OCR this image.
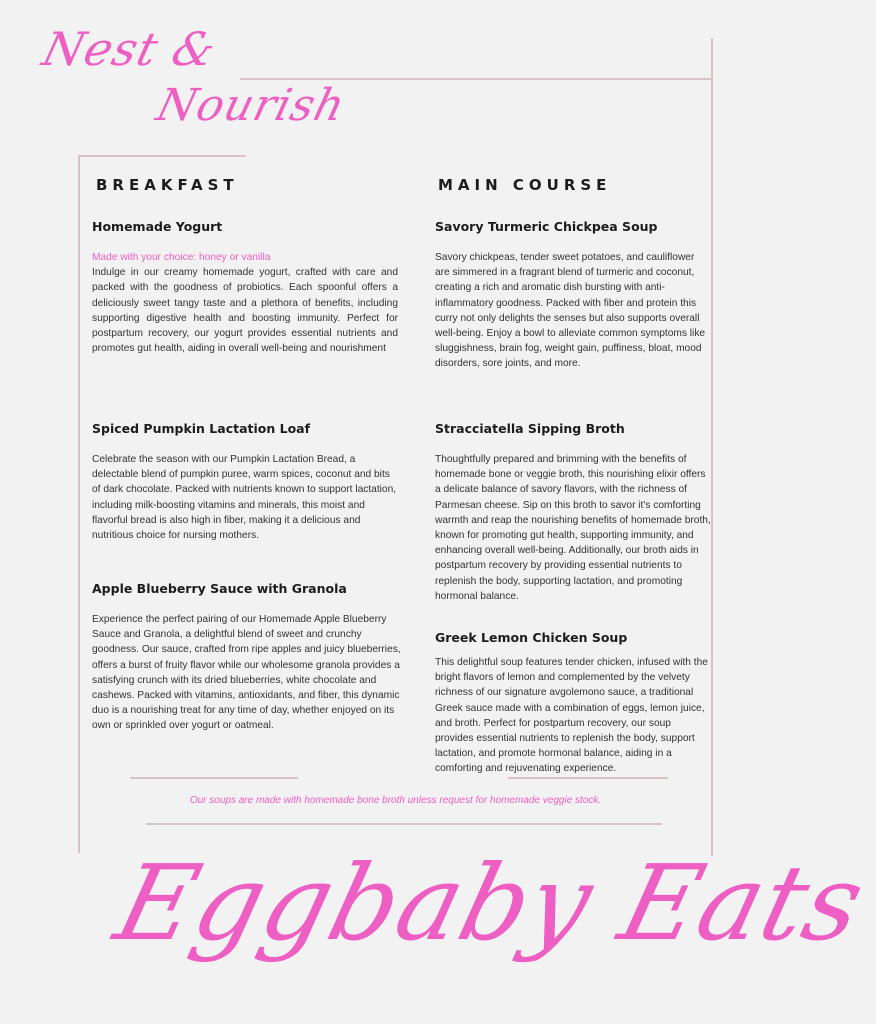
Nest &
Nourish
BREAKFAST
Homemade Yogurt

Made with your choice: honey or vanilla

Indulge in our creamy homemade yogurt, crafted with care and packed with the goodness of probiotics. Each spoonful offers a deliciously sweet tangy taste and a plethora of benefits, including supporting digestive health and boosting immunity. Perfect for postpartum recovery, our yogurt provides essential nutrients and promotes gut health, aiding in overall well-being and nourishment

Spiced Pumpkin Lactation Loaf

Celebrate the season with our Pumpkin Lactation Bread, a delectable blend of pumpkin puree, warm spices, coconut and bits of dark chocolate. Packed with nutrients known to support lactation, including milk-boosting vitamins and minerals, this moist and flavorful bread is also high in fiber, making it a delicious and nutritious choice for nursing mothers.

Apple Blueberry Sauce with Granola

Experience the perfect pairing of our Homemade Apple Blueberry Sauce and Granola, a delightful blend of sweet and crunchy goodness. Our sauce, crafted from ripe apples and juicy blueberries, offers a burst of fruity flavor while our wholesome granola provides a satisfying crunch with its dried blueberries, white chocolate and cashews. Packed with vitamins, antioxidants, and fiber, this dynamic duo is a nourishing treat for any time of day, whether enjoyed on its own or sprinkled over yogurt or oatmeal.

MAIN COURSE
Savory Turmeric Chickpea Soup

Savory chickpeas, tender sweet potatoes, and cauliflower are simmered in a fragrant blend of turmeric and coconut, creating a rich and aromatic dish bursting with anti-inflammatory goodness. Packed with fiber and protein this curry not only delights the senses but also supports overall well-being. Enjoy a bowl to alleviate common symptoms like sluggishness, brain fog, weight gain, puffiness, bloat, mood disorders, sore joints, and more.

Stracciatella Sipping Broth

Thoughtfully prepared and brimming with the benefits of homemade bone or veggie broth, this nourishing elixir offers a delicate balance of savory flavors, with the richness of Parmesan cheese. Sip on this broth to savor it's comforting warmth and reap the nourishing benefits of homemade broth, known for promoting gut health, supporting immunity, and enhancing overall well-being. Additionally, our broth aids in postpartum recovery by providing essential nutrients to replenish the body, supporting lactation, and promoting hormonal balance.

Greek Lemon Chicken Soup

This delightful soup features tender chicken, infused with the bright flavors of lemon and complemented by the velvety richness of our signature avgolemono sauce, a traditional Greek sauce made with a combination of eggs, lemon juice, and broth. Perfect for postpartum recovery, our soup provides essential nutrients to replenish the body, support lactation, and promote hormonal balance, aiding in a comforting and rejuvenating experience.

Our soups are made with homemade bone broth unless request for homemade veggie stock.
Eggbaby Eats
